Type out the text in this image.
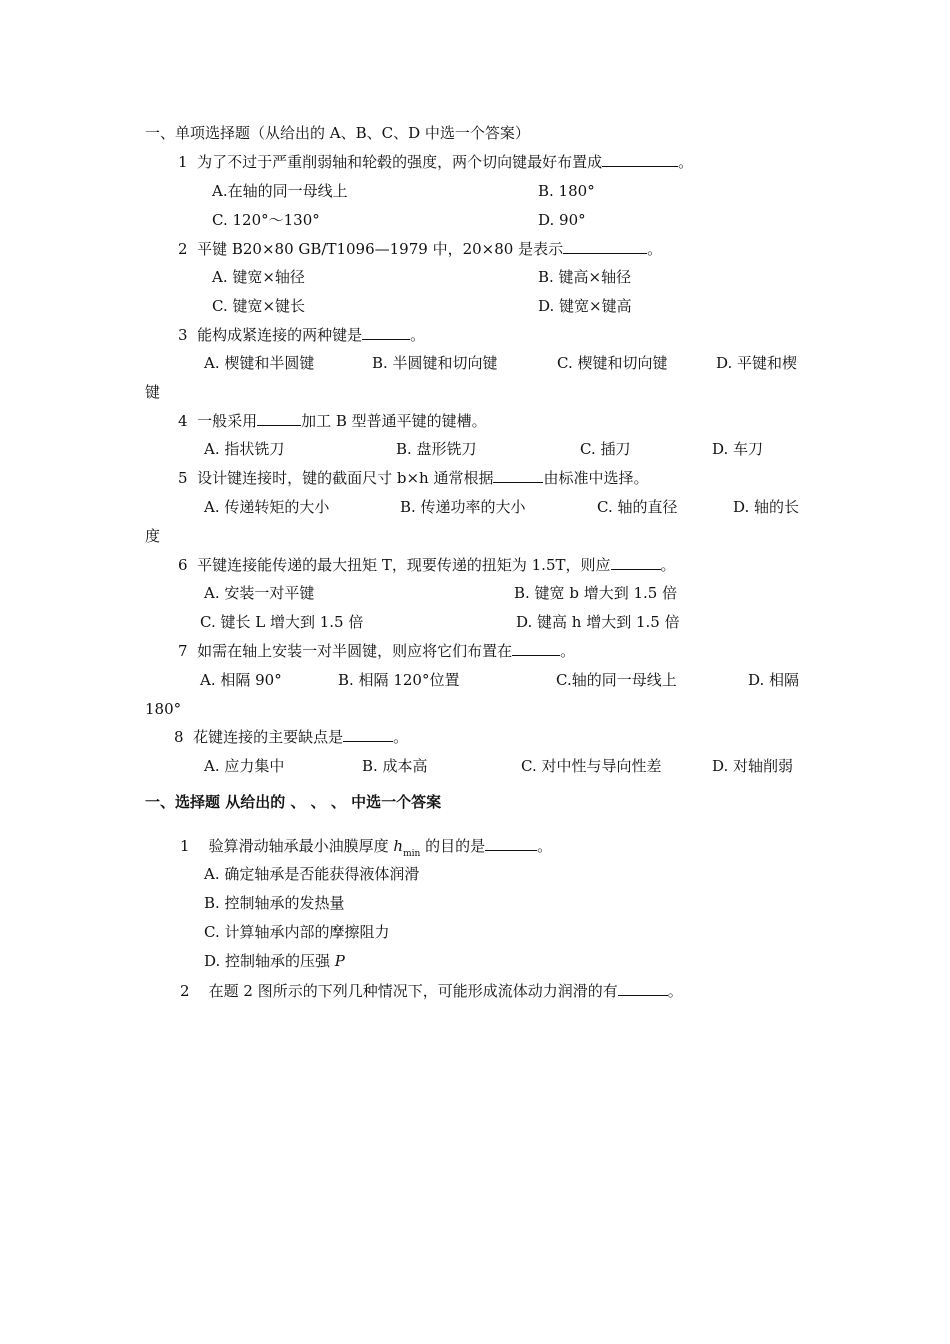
一、单项选择题（从给出的 A、B、C、D 中选一个答案）
1 为了不过于严重削弱轴和轮毂的强度，两个切向键最好布置成	。
A.在轴的同一母线上	B. 180°
C. 120°～130°	D. 90°
2 平键 B20×80 GB/T1096—1979 中，20×80 是表示	。
A. 键宽×轴径	B. 键高×轴径
C. 键宽×键长	D. 键宽×键高
3 能构成紧连接的两种键是	。
A. 楔键和半圆键	B. 半圆键和切向键	C. 楔键和切向键	D. 平键和楔
键
4 一般采用	加工 B 型普通平键的键槽。
A. 指状铣刀	B. 盘形铣刀	C. 插刀	D. 车刀
5 设计键连接时，键的截面尺寸 b×h 通常根据	由标准中选择。
A. 传递转矩的大小	B. 传递功率的大小	C. 轴的直径	D. 轴的长
度
6 平键连接能传递的最大扭矩 T，现要传递的扭矩为 1.5T，则应	。
A. 安装一对平键	B. 键宽 b 增大到 1.5 倍
C. 键长 L 增大到 1.5 倍	D. 键高 h 增大到 1.5 倍
7 如需在轴上安装一对半圆键，则应将它们布置在	。
A. 相隔 90°	B. 相隔 120°位置	C.轴的同一母线上	D. 相隔
180°
8 花键连接的主要缺点是	。
A. 应力集中	B. 成本高	C. 对中性与导向性差	D. 对轴削弱
一、选择题 从给出的 、 、 、 中选一个答案
1 验算滑动轴承最小油膜厚度 $h_{min}$ 的目的是	。
A. 确定轴承是否能获得液体润滑
B. 控制轴承的发热量
C. 计算轴承内部的摩擦阻力
D. 控制轴承的压强 P
2 在题 2 图所示的下列几种情况下，可能形成流体动力润滑的有	。
